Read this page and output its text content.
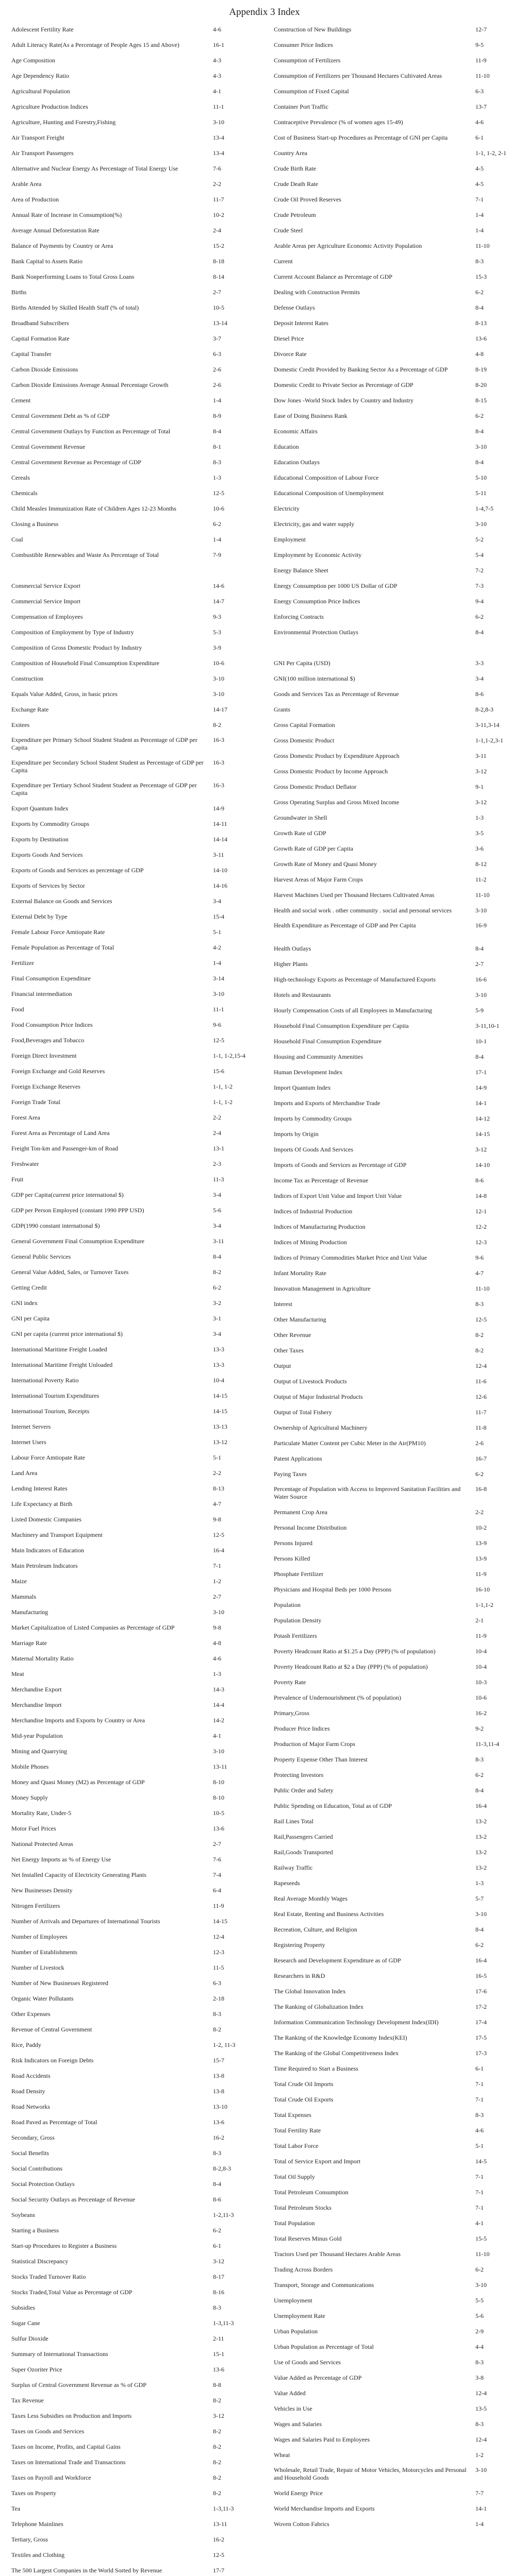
Appendix 3 Index
Adolescent Fertility Rate	4-6
Adult Literacy Rate(As a Percentage of People Ages 15 and Above)	16-1
Age Composition	4-3
Age Dependency Ratio	4-3
Agricultural Population	4-1
Agriculture Production Indices	11-1
Agriculture, Hunting and Forestry,Fishing	3-10
Air Transport Freight	13-4
Air Transport Passengers	13-4
Alternative and Nuclear Energy As Percentage of Total Energy Use	7-6
Arable Area	2-2
Area of Production	11-7
Annual Rate of Increase in Consumption(%)	10-2
Average Annual Deforestation Rate	2-4
Balance of Payments by Country or Area	15-2
Bank Capital to Assets Ratio	8-18
Bank Nonperforming Loans to Total Gross Loans	8-14
Births	2-7
Births Attended by Skilled Health Staff (% of total)	10-5
Broadband Subscribers	13-14
Capital Formation Rate	3-7
Capital Transfer	6-3
Carbon Dioxide Emissions	2-6
Carbon Dioxide Emissions Average Annual Percentage Growth	2-6
Cement	1-4
Central Government Debt as % of GDP	8-9
Central Government Outlays by Function as Percentage of Total	8-4
Central Government Revenue	8-1
Central Government Revenue as Percentage of GDP	8-3
Cereals	1-3
Chemicals	12-5
Child Measles Immunization Rate of Children Ages 12-23 Months	10-6
Closing a Business	6-2
Coal	1-4
Combustible Renewables and Waste As Percentage of Total	7-9
Commercial Service Export	14-6
Commercial Service Import	14-7
Compensation of Employees	9-3
Composition of Employment by Type of Industry	5-3
Composition of Gross Domestic Product by Industry	3-9
Composition of Household Final Consumption Expenditure	10-6
Construction	3-10
Equals Value Added, Gross, in basic prices	3-10
Exchange Rate	14-17
Exitees	8-2
Expenditure per Primary School Student Student as Percentage of GDP per Capita
16-3
Expenditure per Secondary School Student Student as Percentage of GDP per Capita
16-3
Expenditure per Tertiary School Student Student as Percentage of GDP per Capita
16-3
Export Quantum Index	14-9
Exports by Commodity Groups	14-11
Exports by Destination	14-14
Exports Goods And Services	3-11
Exports of Goods and Services as percentage of GDP	14-10
Exports of Services by Sector	14-16
External Balance on Goods and Services	3-4
External Debt by Type	15-4
Female Labour Force Amtiopate Rate	5-1
Female Population as Percentage of Total	4-2
Fertilizer	1-4
Final Consumption Expenditure	3-14
Financial intermediation	3-10
Food	11-1
Food Consumption Price Indices	9-6
Food,Beverages and Tobacco	12-5
Foreign Direct Investment	1-1, 1-2,15-4
Foreign Exchange and Gold Reserves	15-6
Foreign Exchange Reserves	1-1, 1-2
Foreign Trade Total	1-1, 1-2
Forest Area	2-2
Forest Area as Percentage of Land Area	2-4
Freight Ton-km and Passenger-km of Road	13-1
Freshwater	2-3
Fruit	11-3
GDP per Capita(current price international $)	3-4
GDP per Person Employed (constant 1990 PPP USD)	5-6
GDP(1990 constant international $)	3-4
General Government Final Consumption Expenditure	3-11
General Public Services	8-4
General Value Added, Sales, or Turnover Taxes	8-2
Getting Credit	6-2
GNI index	3-2
GNI per Capita	3-1
GNI per capita (current price international $)	3-4
International Maritime Freight Loaded	13-3
International Maritime Freight Unloaded	13-3
International Poverty Ratio	10-4
International Tourism Expenditures	14-15
International Tourism, Receipts	14-15
Internet Servers	13-13
Internet Users	13-12
Labour Force Amtiopate Rate	5-1
Land Area	2-2
Lending Interest Rates	8-13
Life Expectancy at Birth	4-7
Listed Domestic Companies	9-8
Machinery and Transport Equipment	12-5
Main Indicators of Education	16-4
Main Petroleum Indicators	7-1
Maize	1-2
Mammals	2-7
Manufacturing	3-10
Market Capitalization of Listed Companies as Percentage of GDP	9-8
Marriage Rate	4-8
Maternal Mortality Ratio	4-6
Meat	1-3
Merchandise Export	14-3
Merchandise Import	14-4
Merchandise Imports and Exports by Country or Area	14-2
Mid-year Population	4-1
Mining and Quarrying	3-10
Mobile Phones	13-11
Money and Quasi Money (M2) as Percentage of GDP	8-10
Money Supply	8-10
Mortality Rate, Under-5	10-5
Motor Fuel Prices	13-6
National Protected Areas	2-7
Net Energy Imports as % of Energy Use	7-6
Net Installed Capacity of Electricity Generating Plants	7-4
New Businesses Density	6-4
Nitrogen Fertilizers	11-9
Number of Arrivals and Departures of International Tourists	14-15
Number of Employees	12-4
Number of Establishments	12-3
Number of Livestock	11-5
Number of New Businesses Registered	6-3
Organic Water Pollutants	2-18
Other Expenses	8-3
Revenue of Central Government	8-2
Rice, Paddy	1-2, 11-3
Risk Indicators on Foreign Debts	15-7
Road Accidents	13-8
Road Density	13-8
Road Networks	13-10
Road Paved as Percentage of Total	13-6
Secondary, Gross	16-2
Social Benefits	8-3
Social Contributions	8-2,8-3
Social Protection Outlays	8-4
Social Security Outlays as Percentage of Revenue	8-6
Soybeans	1-2,11-3
Starting a Business	6-2
Start-up Procedures to Register a Business	6-1
Statistical Discrepancy	3-12
Stocks Traded Turnover Ratio	8-17
Stocks Traded,Total Value as Percentage of GDP	8-16
Subsidies	8-3
Sugar Cane	1-3,11-3
Sulfur Dioxide	2-11
Summary of International Transactions	15-1
Super Ozoriter Price	13-6
Surplus of Central Government Revenue as % of GDP	8-8
Tax Revenue	8-2
Taxes Less Subsidies on Production and Imports	3-12
Taxes on Goods and Services	8-2
Taxes on Income, Profits, and Capital Gains	8-2
Taxes on International Trade and Transactions	8-2
Taxes on Payroll and Workforce	8-2
Taxes on Property	8-2
Tea	1-3,11-3
Telephone Mainlines	13-11
Tertiary, Gross	16-2
Textiles and Clothing	12-5
The 500 Largest Companies in the World Sorted by Revenue	17-7
Construction of New Buildings	12-7
Consumer Price Indices	9-5
Consumption of Fertilizers	11-9
Consumption of Fertilizers per Thousand Hectares Cultivated Areas	11-10
Consumption of Fixed Capital	6-3
Container Port Traffic	13-7
Contraceptive Prevalence (% of women ages 15-49)	4-6
Cost of Business Start-up Procedures as Percentage of GNI per Capita	6-1
Country Area	1-1, 1-2, 2-1
Crude Birth Rate	4-5
Crude Death Rate	4-5
Crude Oil Proved Reserves	7-1
Crude Petroleum	1-4
Crude Steel	1-4
Arable Areas per Agriculture Economic Activity Population	11-10
Current	8-3
Current Account Balance as Percentage of GDP	15-3
Dealing with Construction Permits	6-2
Defense Outlays	8-4
Deposit Interest Rates	8-13
Diesel Price	13-6
Divorce Rate	4-8
Domestic Credit Provided by Banking Sector As a Percentage of GDP	8-19
Domestic Credit to Private Sector as Percentage of GDP	8-20
Dow Jones -World Stock Index by Country and Industry	8-15
Ease of Doing Business Rank	6-2
Economic Affairs	8-4
Education	3-10
Education Outlays	8-4
Educational Composition of Labour Force	5-10
Educational Composition of Unemployment	5-11
Electricity	1-4,7-5
Electricity, gas and water supply	3-10
Employment	5-2
Employment by Economic Activity	5-4
Energy Balance Sheet	7-2
Energy Consumption per 1000 US Dollar of GDP	7-3
Energy Consumption Price Indices	9-4
Enforcing Contracts	6-2
Environmental Protection Outlays	8-4
GNI Per Capita (USD)	3-3
GNI(100 million international $)	3-4
Goods and Services Tax as Percentage of Revenue	8-6
Grants	8-2,8-3
Gross Capital Formation	3-11,3-14
Gross Domestic Product	1-1,1-2,3-1
Gross Domestic Product by Expenditure Approach	3-11
Gross Domestic Product by Income Approach	3-12
Gross Domestic Product Deflator	9-1
Gross Operating Surplus and Gross Mixed Income	3-12
Groundwater in Shell	1-3
Growth Rate of GDP	3-5
Growth Rate of GDP per Capita	3-6
Growth Rate of Money and Quasi Money	8-12
Harvest Areas of Major Farm Crops	11-2
Harvest Machines Used per Thousand Hectares Cultivated Areas	11-10
Health and social work . other community . social and personal services	3-10
Health Expenditure as Percentage of GDP and Per Capita	16-9
Health Outlays	8-4
Higher Plants	2-7
High-technology Exports as Percentage of Manufactured Exports	16-6
Hotels and Restaurants	3-10
Hourly Compensation Costs of all Employees in Manufacturing	5-9
Household Final Consumption Expenditure per Capita	3-11,10-1
Household Final Consumption Expenditure	10-1
Housing and Community Amenities	8-4
Human Development Index	17-1
Import Quantum Index	14-9
Imports and Exports of Merchandise Trade	14-1
Imports by Commodity Groups	14-12
Imports by Origin	14-15
Imports Of Goods And Services	3-12
Imports of Goods and Services as Percentage of GDP	14-10
Income Tax as Percentage of Revenue	8-6
Indices of Export Unit Value and Import Unit Value	14-8
Indices of Industrial Production	12-1
Indices of Manufacturing Production	12-2
Indices of Mining Production	12-3
Indices of Primary Commodities Market Price and Unit Value	9-6
Infant Mortality Rate	4-7
Innovation Management in Agriculture	11-10
Interest	8-3
Other Manufacturing	12-5
Other Revenue	8-2
Other Taxes	8-2
Output	12-4
Output of Livestock Products	11-6
Output of Major Industrial Products	12-6
Output of Total Fishery	11-7
Ownership of Agricultural Machinery	11-8
Particulate Matter Content per Cubic Meter in the Air(PM10)	2-6
Patent Applications	16-7
Paying Taxes	6-2
Percentage of Population with Access to Improved Sanitation Facilities and Water Source
16-8
Permanent Crop Area	2-2
Personal Income Distribution	10-2
Persons Injured	13-9
Persons Killed	13-9
Phosphate Fertilizer	11-9
Physicians and Hospital Beds per 1000 Persons	16-10
Population	1-1,1-2
Population Density	2-1
Potash Fertilizers	11-9
Poverty Headcount Ratio at $1.25 a Day (PPP) (% of population)	10-4
Poverty Headcount Ratio at $2 a Day (PPP) (% of population)	10-4
Poverty Rate	10-3
Prevalence of Undernourishment (% of population)	10-6
Primary,Gross	16-2
Producer Price Indices	9-2
Production of Major Farm Crops	11-3,11-4
Property Expense Other Than Interest	8-3
Protecting Investors	6-2
Public Order and Safety	8-4
Public Spending on Education, Total as of GDP	16-4
Rail Lines Total	13-2
Rail,Passengers Carried	13-2
Rail,Goods Transported	13-2
Railway Traffic	13-2
Rapeseeds	1-3
Real Average Monthly Wages	5-7
Real Estate, Renting and Business Activities	3-10
Recreation, Culture, and Religion	8-4
Registering Property	6-2
Research and Development Expenditure as of GDP	16-4
Researchers in R&D	16-5
The Global Innovation Index	17-6
The Ranking of Globalization Index	17-2
Information Communication Technology Development Index(IDI)	17-4
The Ranking of the Knowledge Economy Index(KEI)	17-5
The Ranking of the Global Competitiveness Index	17-3
Time Required to Start a Business	6-1
Total Crude Oil Imports	7-1
Total Crude Oil Exports	7-1
Total Expenses	8-3
Total Fertility Rate	4-6
Total Labor Force	5-1
Total of Service Export and Import	14-5
Total Oil Supply	7-1
Total Petroleum Consumption	7-1
Total Petroleum Stocks	7-1
Total Population	4-1
Total Reserves Minus Gold	15-5
Tractors Used per Thousand Hectares Arable Areas	11-10
Trading Across Borders	6-2
Transport, Storage and Communications	3-10
Unemployment	5-5
Unemployment Rate	5-6
Urban Population	2-9
Urban Population as Percentage of Total	4-4
Use of Goods and Services	8-3
Value Added as Percentage of GDP	3-8
Value Added	12-4
Vehicles in Use	13-5
Wages and Salaries	8-3
Wages and Salaries Paid to Employees	12-4
Wheat	1-2
Wholesale, Retail Trade, Repair of Motor Vehicles, Motorcycles and Personal and Household Goods
3-10
World Energy Price	7-7
World Merchandise Imports and Exports	14-1
Woven Cotton Fabrics	1-4
